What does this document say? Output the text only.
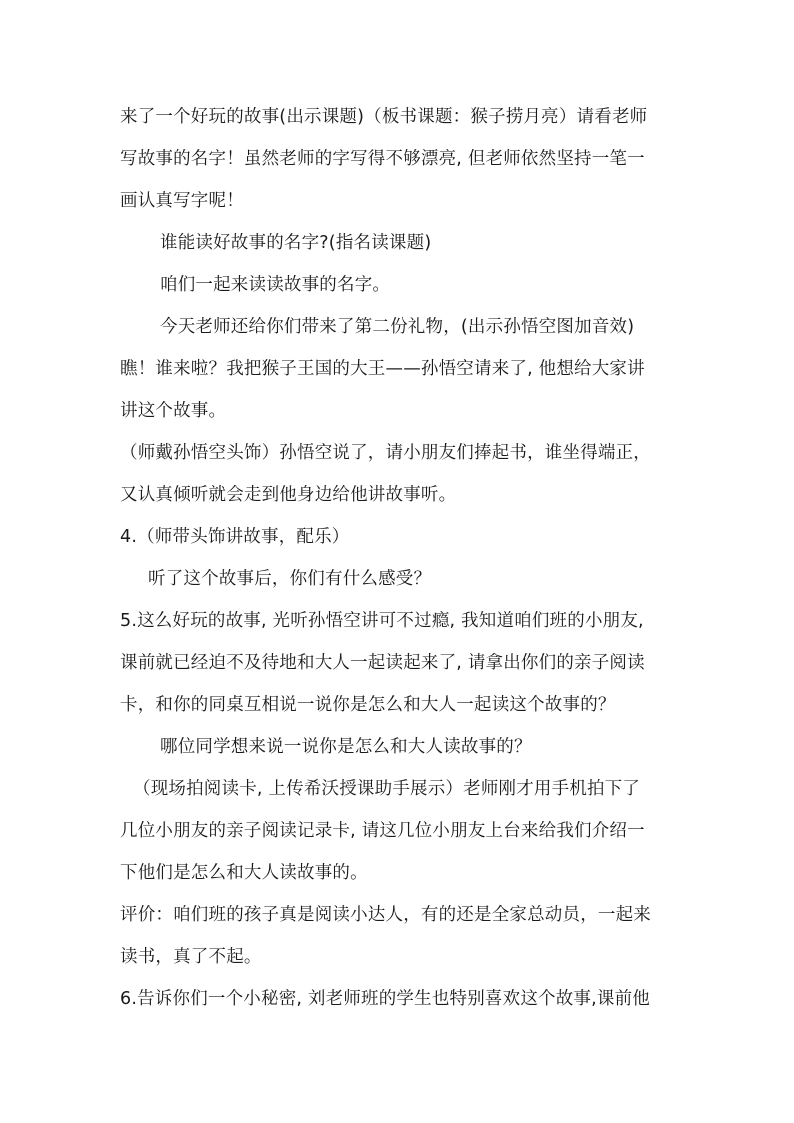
来了一个好玩的故事(出示课题)（板书课题：猴子捞月亮）请看老师
写故事的名字！虽然老师的字写得不够漂亮, 但老师依然坚持一笔一
画认真写字呢！
谁能读好故事的名字?(指名读课题)
咱们一起来读读故事的名字。
今天老师还给你们带来了第二份礼物，(出示孙悟空图加音效)
瞧！谁来啦？我把猴子王国的大王——孙悟空请来了, 他想给大家讲
讲这个故事。
（师戴孙悟空头饰）孙悟空说了，请小朋友们捧起书，谁坐得端正，
又认真倾听就会走到他身边给他讲故事听。
4.（师带头饰讲故事，配乐）
听了这个故事后，你们有什么感受？
5.这么好玩的故事, 光听孙悟空讲可不过瘾, 我知道咱们班的小朋友,
课前就已经迫不及待地和大人一起读起来了, 请拿出你们的亲子阅读
卡，和你的同桌互相说一说你是怎么和大人一起读这个故事的？
哪位同学想来说一说你是怎么和大人读故事的？
（现场拍阅读卡, 上传希沃授课助手展示）老师刚才用手机拍下了
几位小朋友的亲子阅读记录卡, 请这几位小朋友上台来给我们介绍一
下他们是怎么和大人读故事的。
评价：咱们班的孩子真是阅读小达人，有的还是全家总动员，一起来
读书，真了不起。
6.告诉你们一个小秘密, 刘老师班的学生也特别喜欢这个故事,课前他
